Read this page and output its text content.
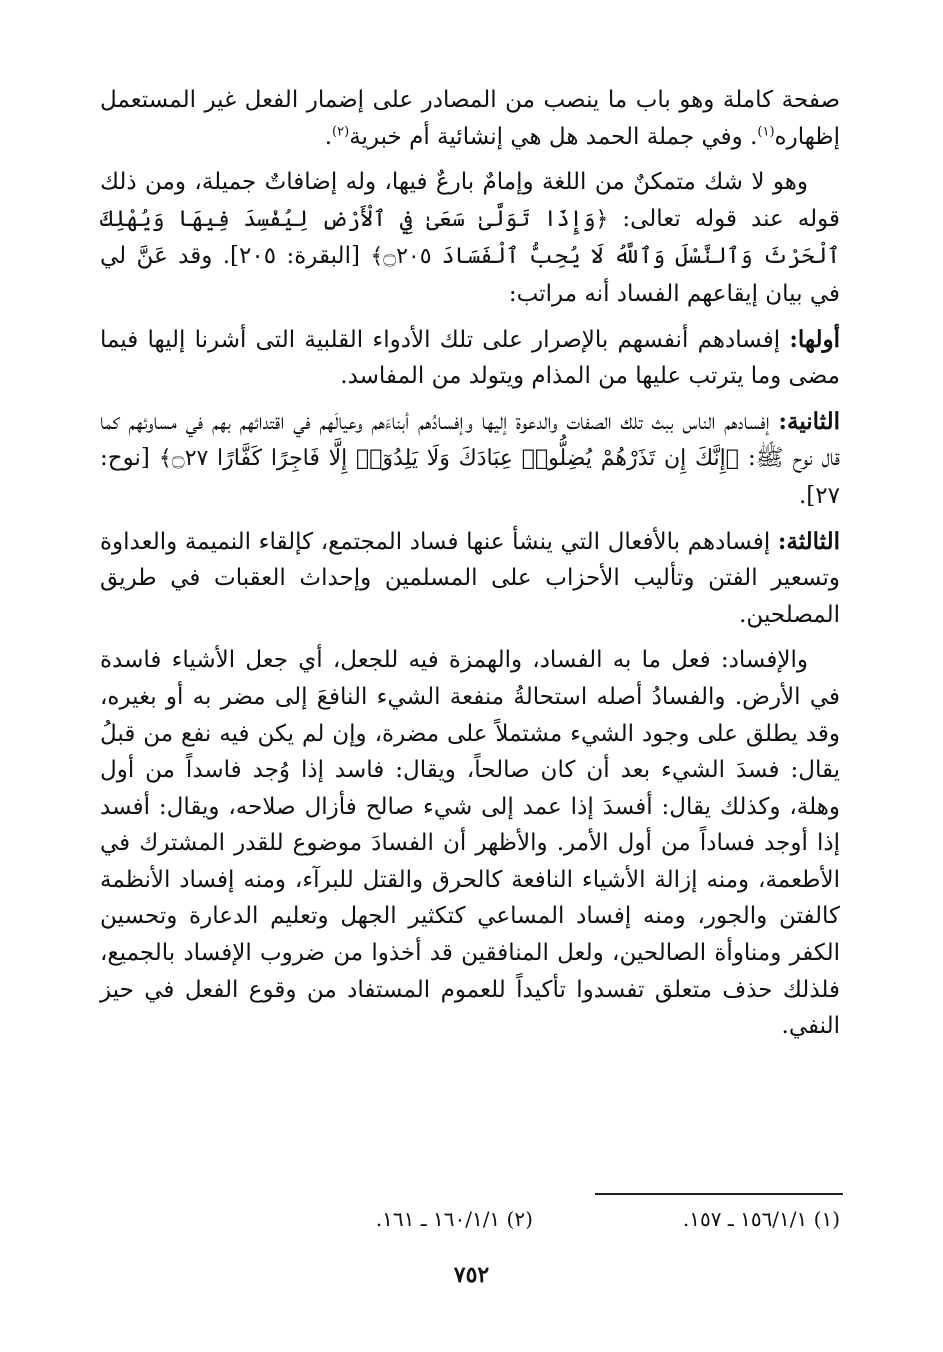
صفحة كاملة وهو باب ما ينصب من المصادر على إضمار الفعل غير المستعمل إظهاره$^{(١)}$. وفي جملة الحمد هل هي إنشائية أم خبرية$^{(٢)}$.

وهو لا شك متمكنٌ من اللغة وإمامٌ بارعٌ فيها، وله إضافاتٌ جميلة، ومن ذلك قوله عند قوله تعالى: ﴿وَإِذَا تَوَلَّىٰ سَعَىٰ فِي ٱلْأَرْضِ لِيُفْسِدَ فِيهَا وَيُهْلِكَ ٱلْحَرْثَ وَٱلنَّسْلَ وَٱللَّهُ لَا يُحِبُّ ٱلْفَسَادَ ۝٢٠٥﴾ [البقرة: ٢٠٥]. وقد عَنَّ لي في بيان إيقاعهم الفساد أنه مراتب:

أولها: إفسادهم أنفسهم بالإصرار على تلك الأدواء القلبية التى أشرنا إليها فيما مضى وما يترتب عليها من المذام ويتولد من المفاسد.

الثانية: إفسادهم الناس ببث تلك الصفات والدعوة إليها وإفسادُهم أبناءَهم وعيالَهم في اقتدائهم بهم في مساوئهم كما قال نوح ﷺ: ﴿إِنَّكَ إِن تَذَرْهُمْ يُضِلُّوا۟ عِبَادَكَ وَلَا يَلِدُوٓا۟ إِلَّا فَاجِرًا كَفَّارًا ۝٢٧﴾ [نوح: ٢٧].

الثالثة: إفسادهم بالأفعال التي ينشأ عنها فساد المجتمع، كإلقاء النميمة والعداوة وتسعير الفتن وتأليب الأحزاب على المسلمين وإحداث العقبات في طريق المصلحين.

والإفساد: فعل ما به الفساد، والهمزة فيه للجعل، أي جعل الأشياء فاسدة في الأرض. والفسادُ أصله استحالةُ منفعة الشيء النافعَ إلى مضر به أو بغيره، وقد يطلق على وجود الشيء مشتملاً على مضرة، وإن لم يكن فيه نفع من قبلُ يقال: فسدَ الشيء بعد أن كان صالحاً، ويقال: فاسد إذا وُجد فاسداً من أول وهلة، وكذلك يقال: أفسدَ إذا عمد إلى شيء صالح فأزال صلاحه، ويقال: أفسد إذا أوجد فساداً من أول الأمر. والأظهر أن الفسادَ موضوع للقدر المشترك في الأطعمة، ومنه إزالة الأشياء النافعة كالحرق والقتل للبرآء، ومنه إفساد الأنظمة كالفتن والجور، ومنه إفساد المساعي كتكثير الجهل وتعليم الدعارة وتحسين الكفر ومناوأة الصالحين، ولعل المنافقين قد أخذوا من ضروب الإفساد بالجميع، فلذلك حذف متعلق تفسدوا تأكيداً للعموم المستفاد من وقوع الفعل في حيز النفي.

(١) ١٥٦/١/١ ـ ١٥٧.
(٢) ١٦٠/١/١ ـ ١٦١.
٧٥٢
